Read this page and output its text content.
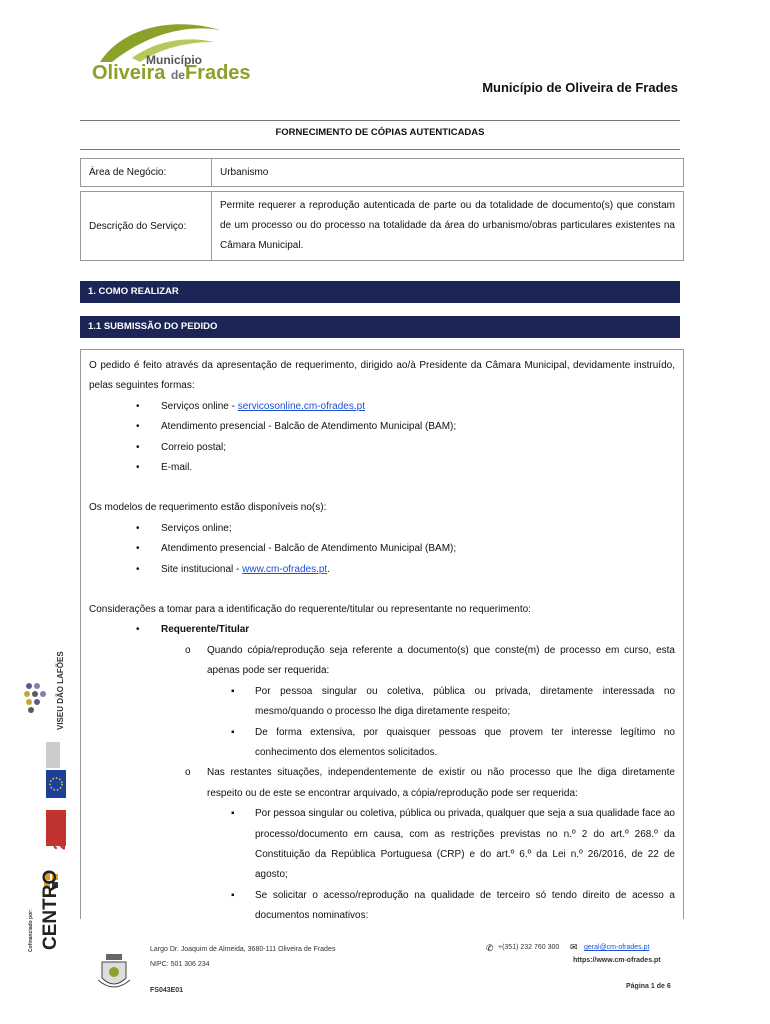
Município
Oliveira deFrades
Município de Oliveira de Frades
FORNECIMENTO DE CÓPIAS AUTENTICADAS
Área de Negócio:	Urbanismo

Descrição do Serviço:	Permite requerer a reprodução autenticada de parte ou da totalidade de documento(s) que constam de um processo ou do processo na totalidade da área do urbanismo/obras particulares existentes na Câmara Municipal.
1. COMO REALIZAR
1.1 SUBMISSÃO DO PEDIDO

O pedido é feito através da apresentação de requerimento, dirigido ao/à Presidente da Câmara Municipal, devidamente instruído, pelas seguintes formas:

• Serviços online - servicosonline.cm-ofrades.pt
• Atendimento presencial - Balcão de Atendimento Municipal (BAM);
• Correio postal;
• E-mail.

Os modelos de requerimento estão disponíveis no(s):

• Serviços online;
• Atendimento presencial - Balcão de Atendimento Municipal (BAM);
• Site institucional - www.cm-ofrades.pt.

Considerações a tomar para a identificação do requerente/titular ou representante no requerimento:

• Requerente/Titular
o Quando cópia/reprodução seja referente a documento(s) que conste(m) de processo em curso, esta apenas pode ser requerida:
▪ Por pessoa singular ou coletiva, pública ou privada, diretamente interessada no mesmo/quando o processo lhe diga diretamente respeito;
▪ De forma extensiva, por quaisquer pessoas que provem ter interesse legítimo no conhecimento dos elementos solicitados.
o Nas restantes situações, independentemente de existir ou não processo que lhe diga diretamente respeito ou de este se encontrar arquivado, a cópia/reprodução pode ser requerida:
▪ Por pessoa singular ou coletiva, pública ou privada, qualquer que seja a sua qualidade face ao processo/documento em causa, com as restrições previstas no n.º 2 do art.º 268.º da Constituição da República Portuguesa (CRP) e do art.º 6.º da Lei n.º 26/2016, de 22 de agosto;
▪ Se solicitar o acesso/reprodução na qualidade de terceiro só tendo direito de acesso a documentos nominativos:
VISEU DÃO LAFÕES
2020
CENTRO
Cofinanciado por:	Largo Dr. Joaquim de Almeida, 3680-111 Oliveira de Frades
NIPC: 501 306 234
FS043E01
✆ +(351) 232 760 300 ✉ geral@cm-ofrades.pt
https://www.cm-ofrades.pt
Página 1 de 6
